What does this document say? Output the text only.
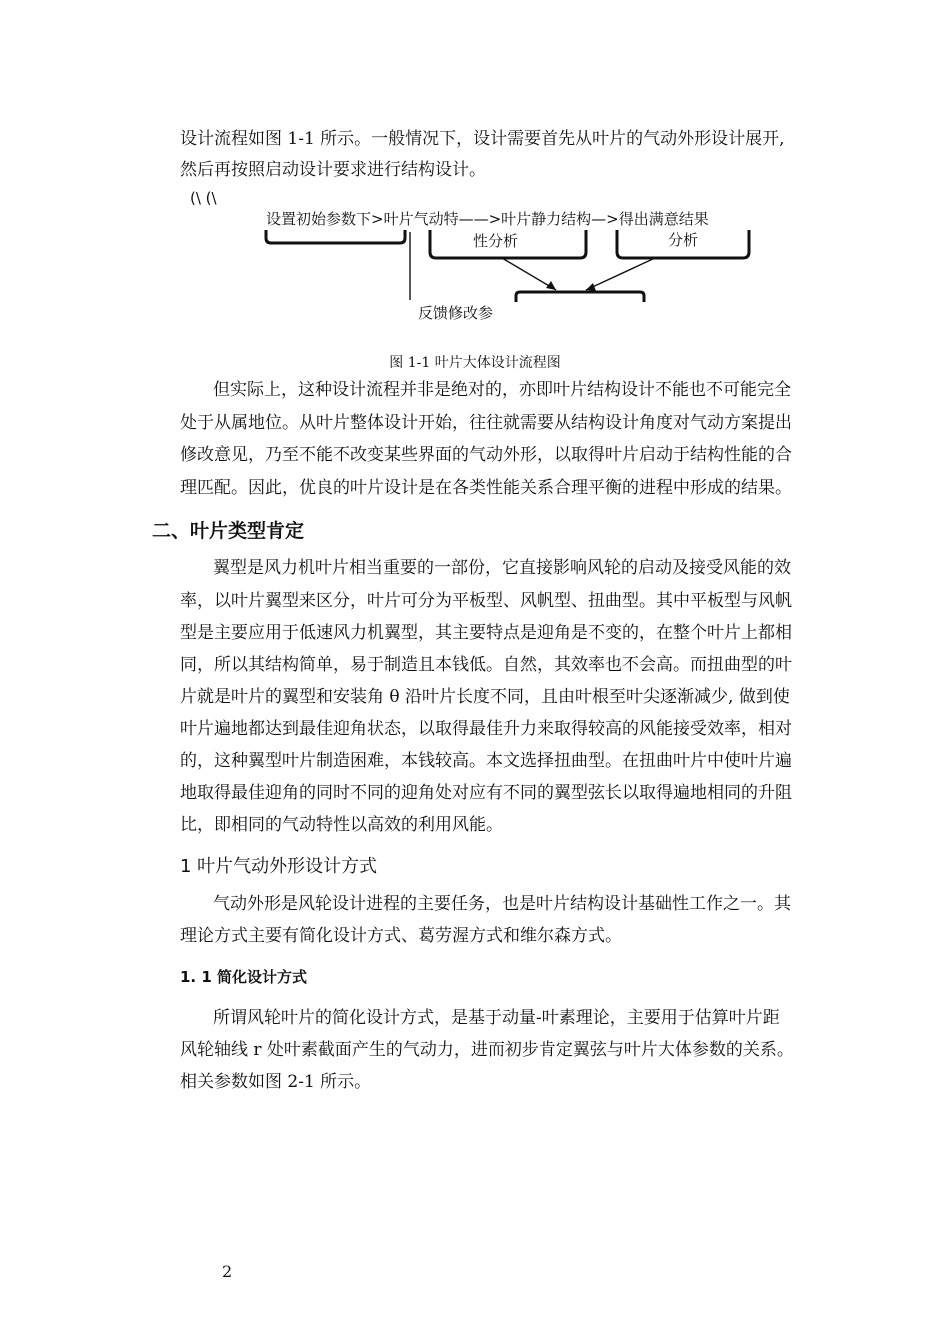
设计流程如图 1-1 所示。一般情况下，设计需要首先从叶片的气动外形设计展开,
然后再按照启动设计要求进行结构设计。
(\ (\
设置初始参数下>叶片气动特——>叶片静力结构—>得出满意结果
性分析	分析
反馈修改参
图 1-1 叶片大体设计流程图
但实际上，这种设计流程并非是绝对的，亦即叶片结构设计不能也不可能完全
处于从属地位。从叶片整体设计开始，往往就需要从结构设计角度对气动方案提出
修改意见，乃至不能不改变某些界面的气动外形，以取得叶片启动于结构性能的合
理匹配。因此，优良的叶片设计是在各类性能关系合理平衡的进程中形成的结果。
二、叶片类型肯定
翼型是风力机叶片相当重要的一部份，它直接影响风轮的启动及接受风能的效
率，以叶片翼型来区分，叶片可分为平板型、风帆型、扭曲型。其中平板型与风帆
型是主要应用于低速风力机翼型，其主要特点是迎角是不变的，在整个叶片上都相
同，所以其结构简单，易于制造且本钱低。自然，其效率也不会高。而扭曲型的叶
片就是叶片的翼型和安装角 θ 沿叶片长度不同，且由叶根至叶尖逐渐减少, 做到使
叶片遍地都达到最佳迎角状态，以取得最佳升力来取得较高的风能接受效率，相对
的，这种翼型叶片制造困难，本钱较高。本文选择扭曲型。在扭曲叶片中使叶片遍
地取得最佳迎角的同时不同的迎角处对应有不同的翼型弦长以取得遍地相同的升阻
比，即相同的气动特性以高效的利用风能。
1 叶片气动外形设计方式
气动外形是风轮设计进程的主要任务，也是叶片结构设计基础性工作之一。其
理论方式主要有简化设计方式、葛劳渥方式和维尔森方式。
1. 1 简化设计方式
所谓风轮叶片的简化设计方式，是基于动量-叶素理论，主要用于估算叶片距
风轮轴线 r 处叶素截面产生的气动力，进而初步肯定翼弦与叶片大体参数的关系。
相关参数如图 2-1 所示。
2
